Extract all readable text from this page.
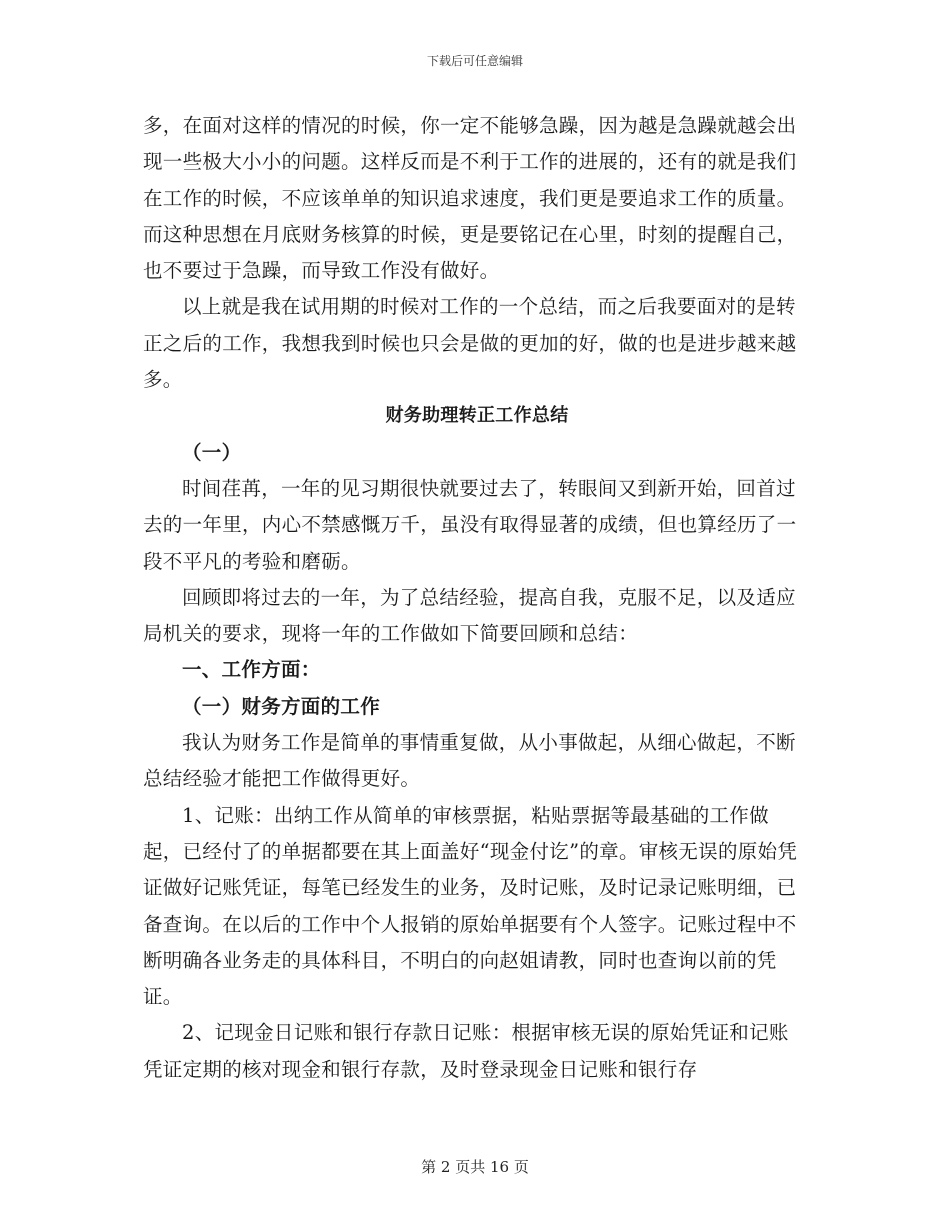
下载后可任意编辑

多，在面对这样的情况的时候，你一定不能够急躁，因为越是急躁就越会出现一些极大小小的问题。这样反而是不利于工作的进展的，还有的就是我们在工作的时候，不应该单单的知识追求速度，我们更是要追求工作的质量。而这种思想在月底财务核算的时候，更是要铭记在心里，时刻的提醒自己，也不要过于急躁，而导致工作没有做好。

以上就是我在试用期的时候对工作的一个总结，而之后我要面对的是转正之后的工作，我想我到时候也只会是做的更加的好，做的也是进步越来越多。

财务助理转正工作总结

（一）

时间荏苒，一年的见习期很快就要过去了，转眼间又到新开始，回首过去的一年里，内心不禁感慨万千，虽没有取得显著的成绩，但也算经历了一段不平凡的考验和磨砺。

回顾即将过去的一年，为了总结经验，提高自我，克服不足，以及适应局机关的要求，现将一年的工作做如下简要回顾和总结：

一、工作方面：

（一）财务方面的工作

我认为财务工作是简单的事情重复做，从小事做起，从细心做起，不断总结经验才能把工作做得更好。

1、记账：出纳工作从简单的审核票据，粘贴票据等最基础的工作做起，已经付了的单据都要在其上面盖好“现金付讫”的章。审核无误的原始凭证做好记账凭证，每笔已经发生的业务，及时记账，及时记录记账明细，已备查询。在以后的工作中个人报销的原始单据要有个人签字。记账过程中不断明确各业务走的具体科目，不明白的向赵姐请教，同时也查询以前的凭证。

2、记现金日记账和银行存款日记账：根据审核无误的原始凭证和记账凭证定期的核对现金和银行存款，及时登录现金日记账和银行存

第 2 页共 16 页
